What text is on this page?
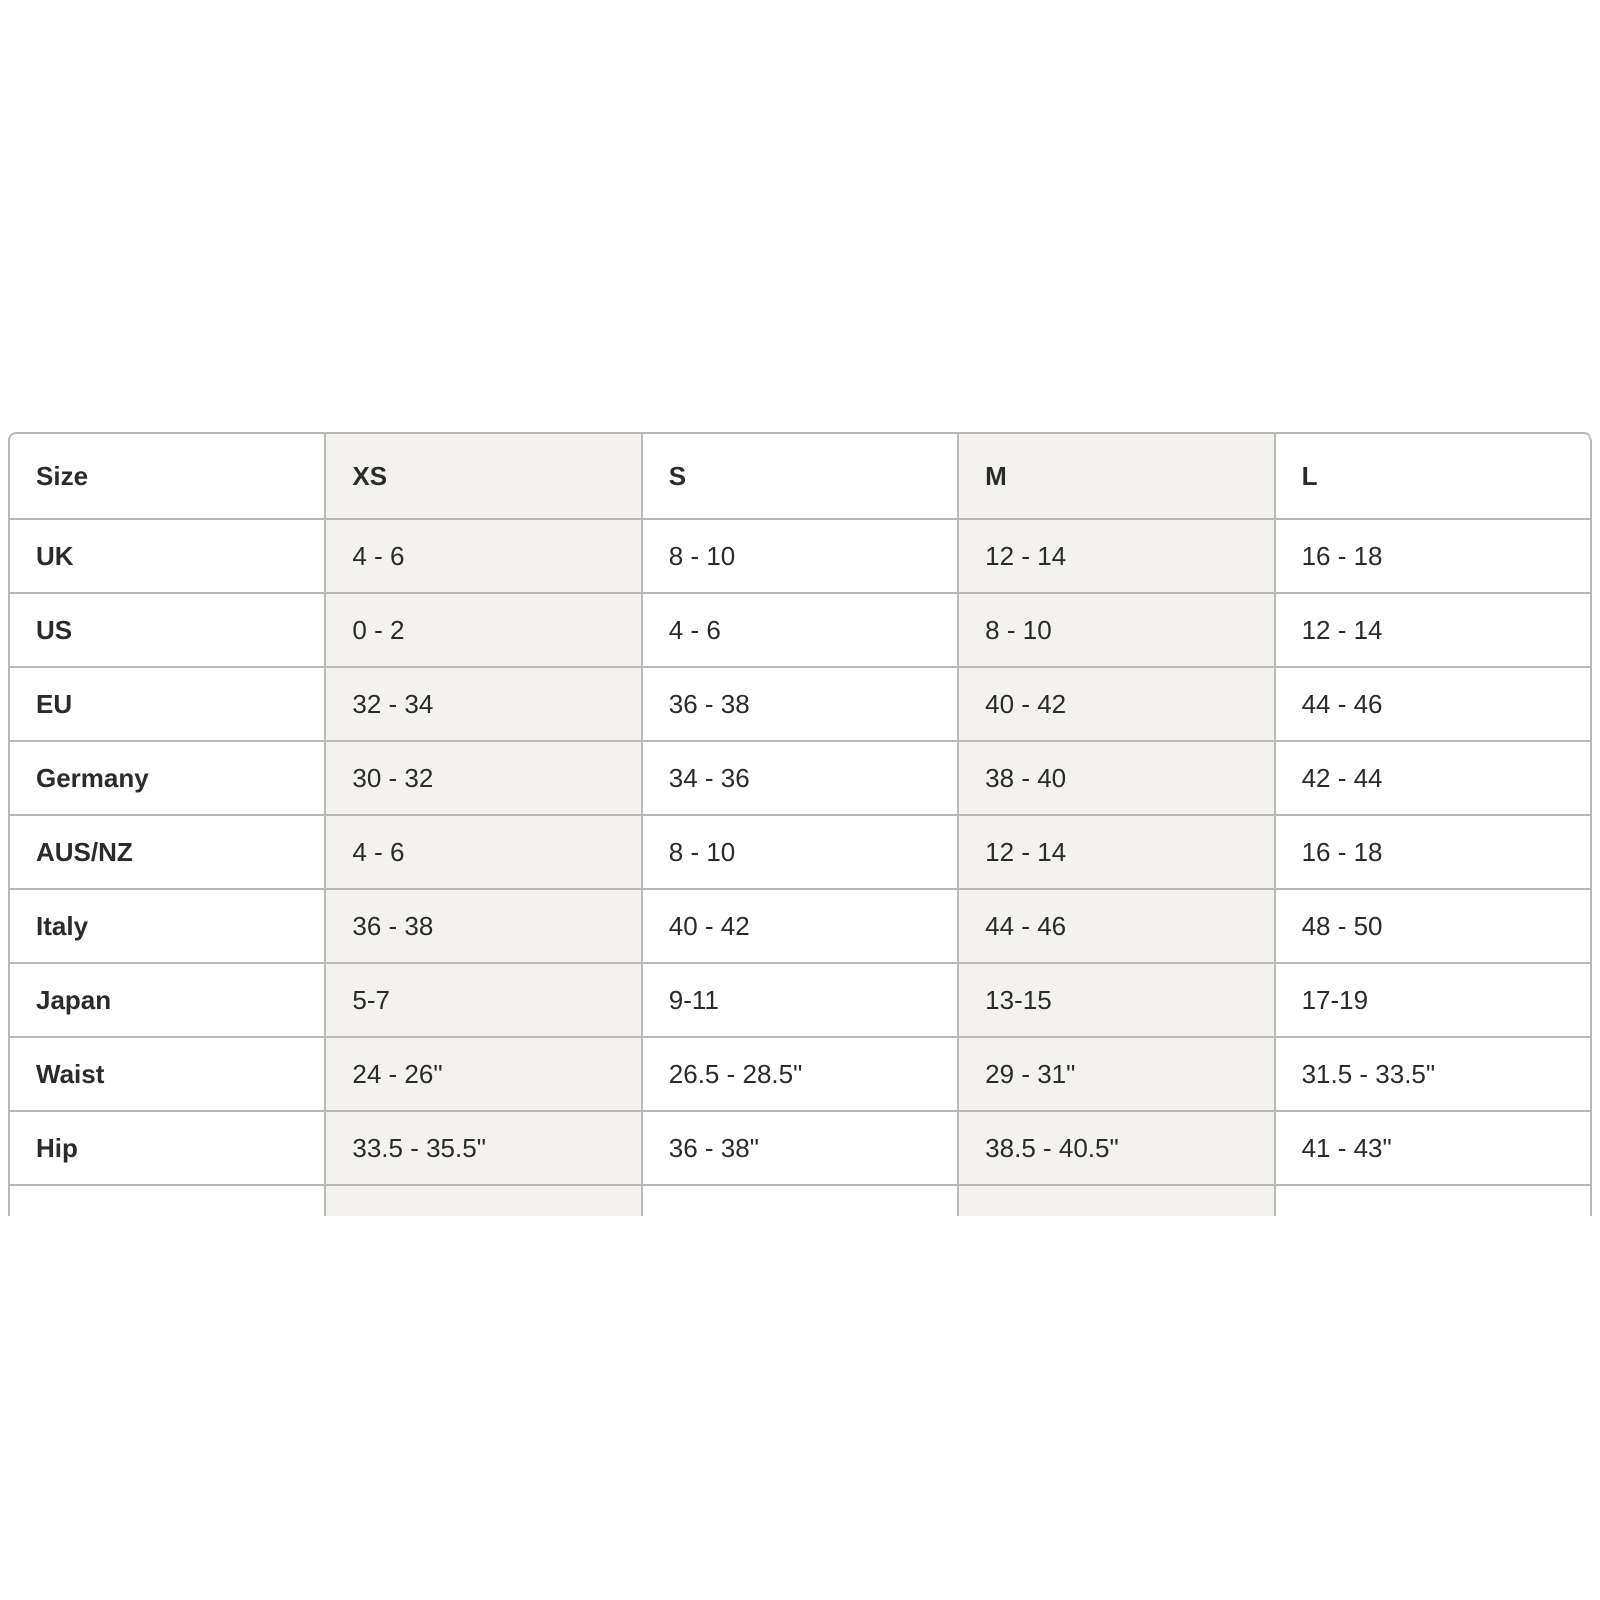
Size	XS	S	M	L
UK	4 - 6	8 - 10	12 - 14	16 - 18
US	0 - 2	4 - 6	8 - 10	12 - 14
EU	32 - 34	36 - 38	40 - 42	44 - 46
Germany	30 - 32	34 - 36	38 - 40	42 - 44
AUS/NZ	4 - 6	8 - 10	12 - 14	16 - 18
Italy	36 - 38	40 - 42	44 - 46	48 - 50
Japan	5-7	9-11	13-15	17-19
Waist	24 - 26"	26.5 - 28.5"	29 - 31"	31.5 - 33.5"
Hip	33.5 - 35.5"	36 - 38"	38.5 - 40.5"	41 - 43"
